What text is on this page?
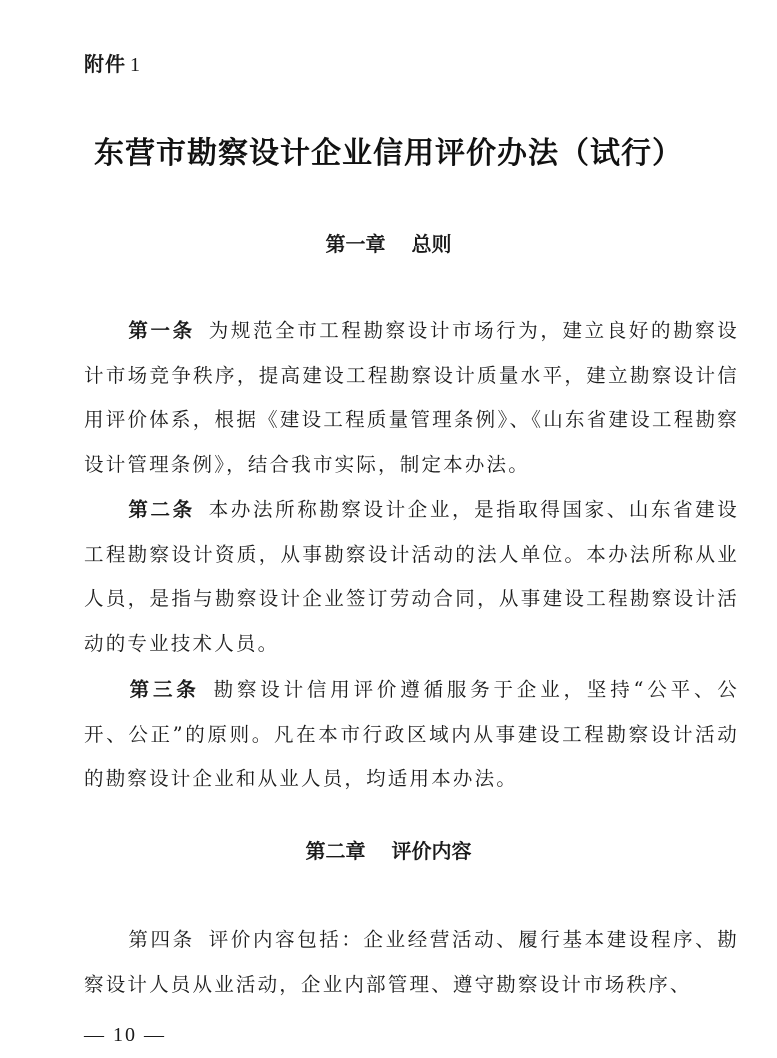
附件 1
东营市勘察设计企业信用评价办法（试行）
第一章 总则
第一条 为规范全市工程勘察设计市场行为，建立良好的勘察设计市场竞争秩序，提高建设工程勘察设计质量水平，建立勘察设计信用评价体系，根据《建设工程质量管理条例》、《山东省建设工程勘察设计管理条例》，结合我市实际，制定本办法。
第二条 本办法所称勘察设计企业，是指取得国家、山东省建设工程勘察设计资质，从事勘察设计活动的法人单位。本办法所称从业人员，是指与勘察设计企业签订劳动合同，从事建设工程勘察设计活动的专业技术人员。
第三条 勘察设计信用评价遵循服务于企业，坚持“公平、公开、公正”的原则。凡在本市行政区域内从事建设工程勘察设计活动的勘察设计企业和从业人员，均适用本办法。
第二章 评价内容
第四条 评价内容包括：企业经营活动、履行基本建设程序、勘察设计人员从业活动，企业内部管理、遵守勘察设计市场秩序、
— 10 —
